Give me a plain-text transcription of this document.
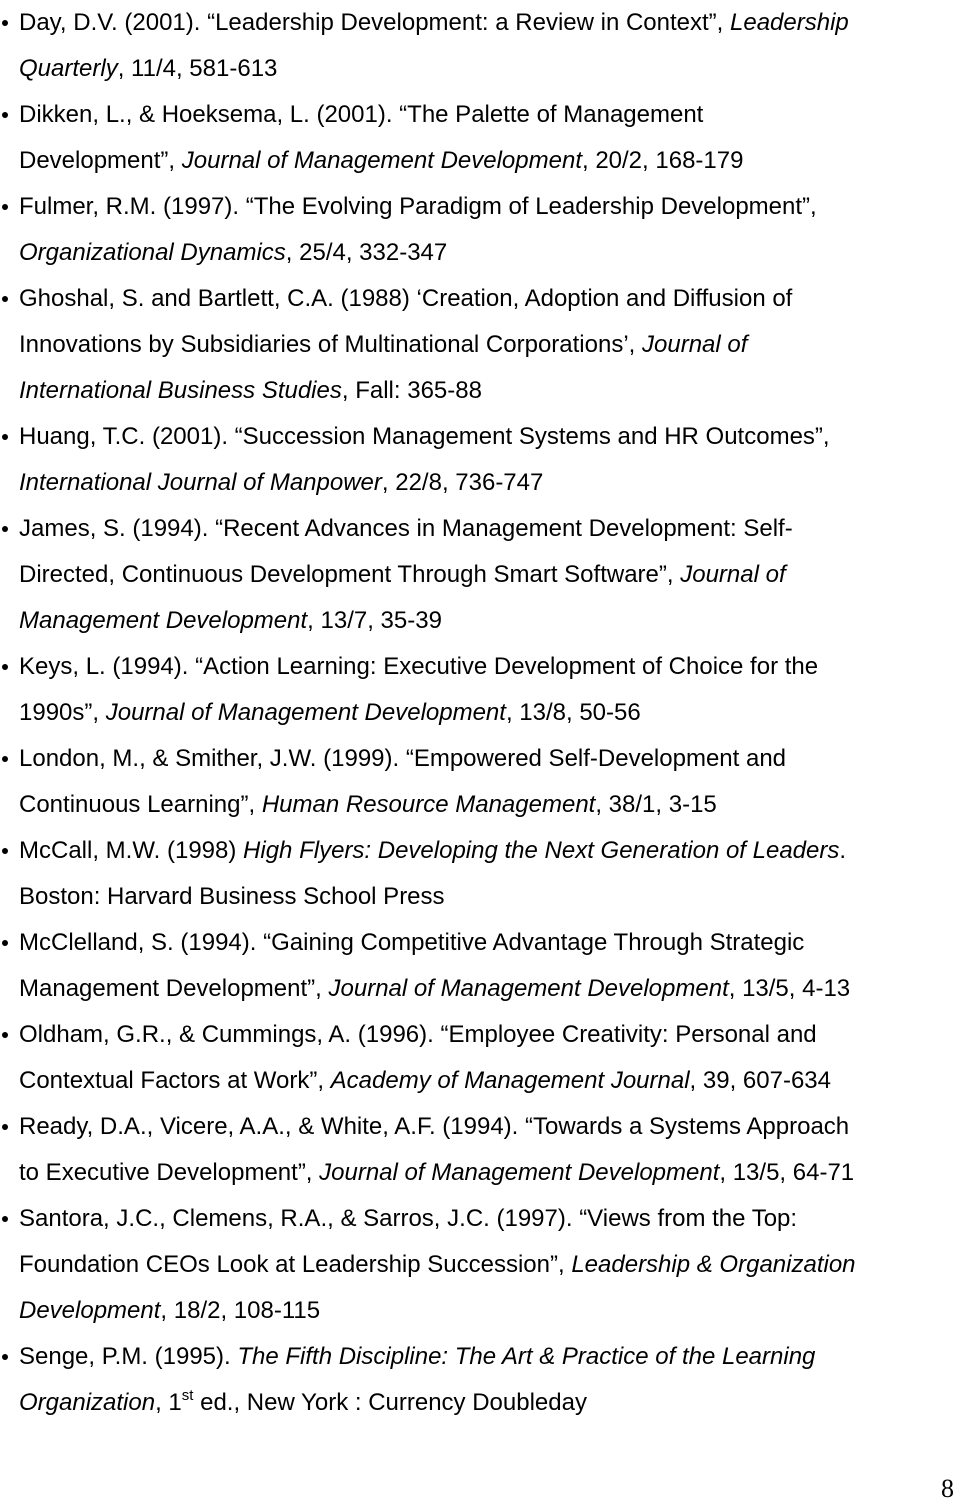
Day, D.V. (2001). “Leadership Development: a Review in Context”, Leadership
Quarterly, 11/4, 581-613
Dikken, L., & Hoeksema, L. (2001). “The Palette of Management
Development”, Journal of Management Development, 20/2, 168-179
Fulmer, R.M. (1997). “The Evolving Paradigm of Leadership Development”,
Organizational Dynamics, 25/4, 332-347
Ghoshal, S. and Bartlett, C.A. (1988) ‘Creation, Adoption and Diffusion of
Innovations by Subsidiaries of Multinational Corporations’, Journal of
International Business Studies, Fall: 365-88
Huang, T.C. (2001). “Succession Management Systems and HR Outcomes”,
International Journal of Manpower, 22/8, 736-747
James, S. (1994). “Recent Advances in Management Development: Self-
Directed, Continuous Development Through Smart Software”, Journal of
Management Development, 13/7, 35-39
Keys, L. (1994). “Action Learning: Executive Development of Choice for the
1990s”, Journal of Management Development, 13/8, 50-56
London, M., & Smither, J.W. (1999). “Empowered Self-Development and
Continuous Learning”, Human Resource Management, 38/1, 3-15
McCall, M.W. (1998) High Flyers: Developing the Next Generation of Leaders.
Boston: Harvard Business School Press
McClelland, S. (1994). “Gaining Competitive Advantage Through Strategic
Management Development”, Journal of Management Development, 13/5, 4-13
Oldham, G.R., & Cummings, A. (1996). “Employee Creativity: Personal and
Contextual Factors at Work”, Academy of Management Journal, 39, 607-634
Ready, D.A., Vicere, A.A., & White, A.F. (1994). “Towards a Systems Approach
to Executive Development”, Journal of Management Development, 13/5, 64-71
Santora, J.C., Clemens, R.A., & Sarros, J.C. (1997). “Views from the Top:
Foundation CEOs Look at Leadership Succession”, Leadership & Organization
Development, 18/2, 108-115
Senge, P.M. (1995). The Fifth Discipline: The Art & Practice of the Learning
Organization, 1st ed., New York : Currency Doubleday
8
